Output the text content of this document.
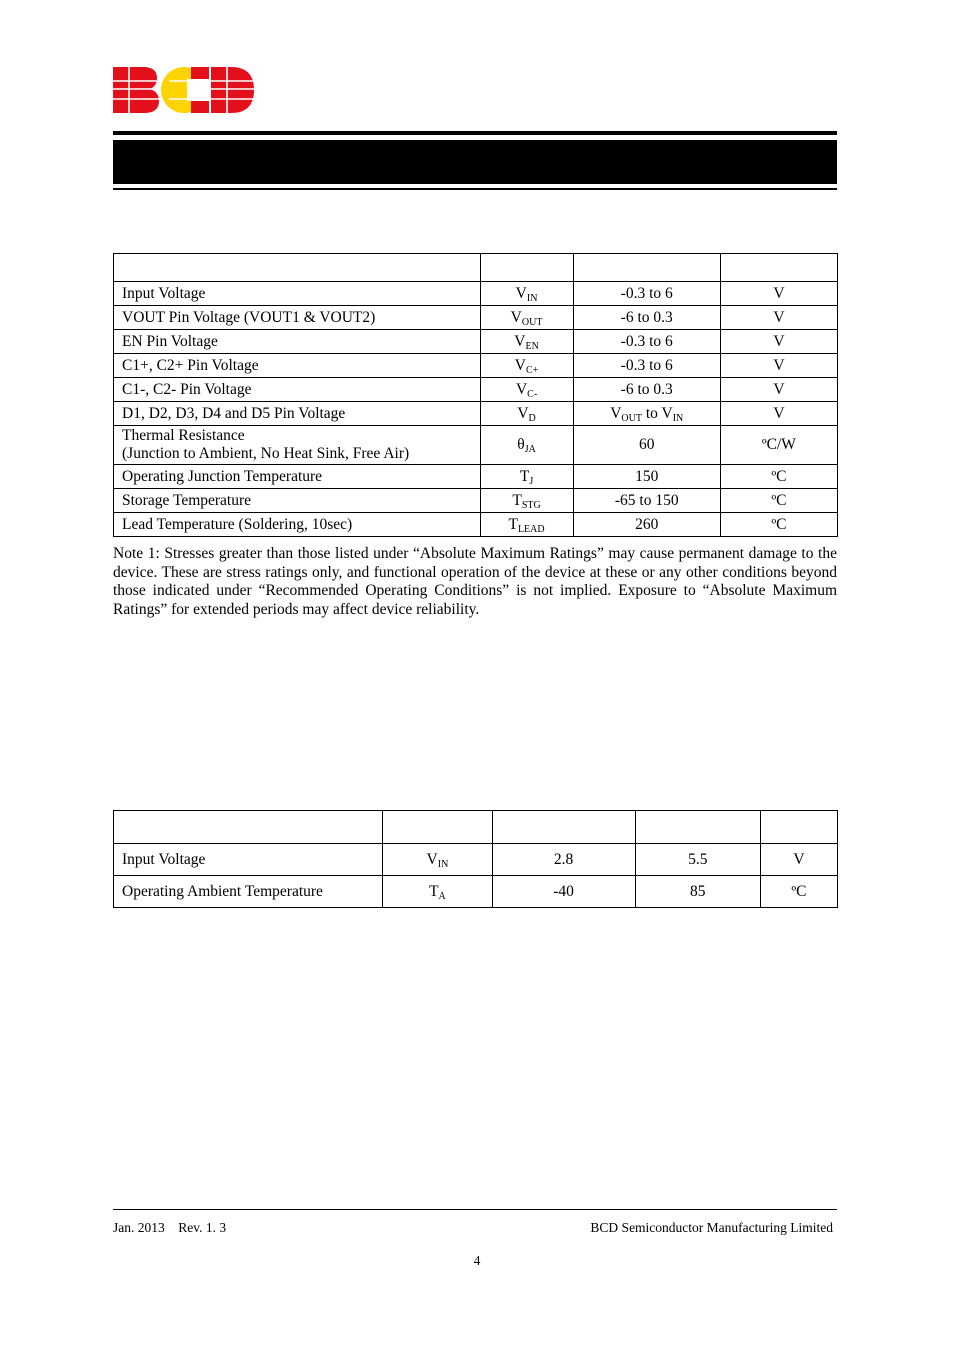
Input Voltage	$V_{IN}$	-0.3 to 6	V
VOUT Pin Voltage (VOUT1 & VOUT2)	$V_{OUT}$	-6 to 0.3	V
EN Pin Voltage	$V_{EN}$	-0.3 to 6	V
C1+, C2+ Pin Voltage	$V_{C+}$	-0.3 to 6	V
C1-, C2- Pin Voltage	$V_{C-}$	-6 to 0.3	V
D1, D2, D3, D4 and D5 Pin Voltage	$V_D$	$V_{OUT}$ to $V_{IN}$	V

Thermal Resistance
(Junction to Ambient, No Heat Sink, Free Air)	$\theta_{JA}$	60	ºC/W
Operating Junction Temperature	$T_J$	150	ºC
Storage Temperature	$T_{STG}$	-65 to 150	ºC
Lead Temperature (Soldering, 10sec)	$T_{LEAD}$	260	ºC
Note 1: Stresses greater than those listed under “Absolute Maximum Ratings” may cause permanent damage to the device. These are stress ratings only, and functional operation of the device at these or any other conditions beyond those indicated under “Recommended Operating Conditions” is not implied. Exposure to “Absolute Maximum Ratings” for extended periods may affect device reliability.

Input Voltage	$V_{IN}$	2.8	5.5	V
Operating Ambient Temperature	$T_A$	-40	85	ºC
Jan. 2013    Rev. 1. 3	BCD Semiconductor Manufacturing Limited
4
